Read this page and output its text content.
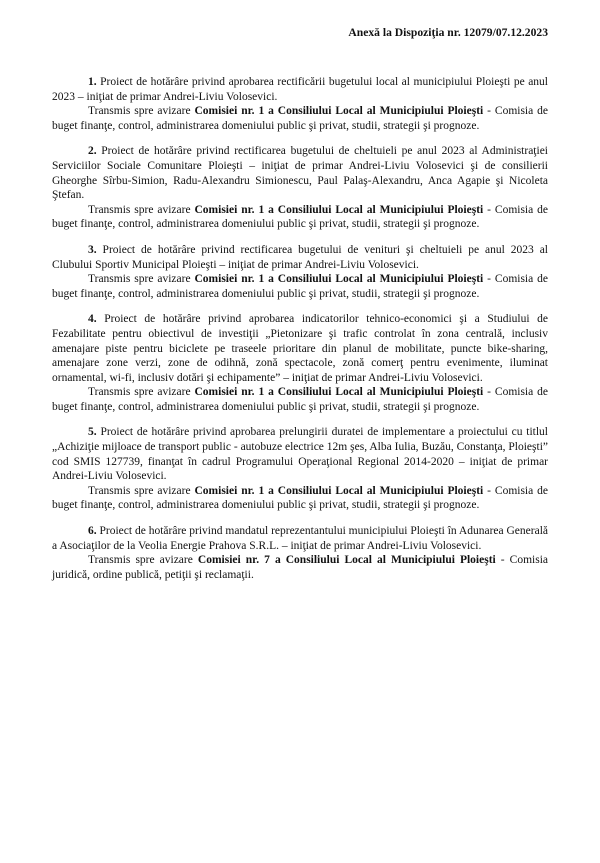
Anexă la Dispoziţia nr. 12079/07.12.2023

1. Proiect de hotărâre privind aprobarea rectificării bugetului local al municipiului Ploieşti pe anul 2023 – iniţiat de primar Andrei-Liviu Volosevici.

Transmis spre avizare Comisiei nr. 1 a Consiliului Local al Municipiului Ploieşti - Comisia de buget finanţe, control, administrarea domeniului public şi privat, studii, strategii şi prognoze.

2. Proiect de hotărâre privind rectificarea bugetului de cheltuieli pe anul 2023 al Administraţiei Serviciilor Sociale Comunitare Ploieşti – iniţiat de primar Andrei-Liviu Volosevici şi de consilierii Gheorghe Sîrbu-Simion, Radu-Alexandru Simionescu, Paul Palaş-Alexandru, Anca Agapie şi Nicoleta Ştefan.

Transmis spre avizare Comisiei nr. 1 a Consiliului Local al Municipiului Ploieşti - Comisia de buget finanţe, control, administrarea domeniului public şi privat, studii, strategii şi prognoze.

3. Proiect de hotărâre privind rectificarea bugetului de venituri şi cheltuieli pe anul 2023 al Clubului Sportiv Municipal Ploieşti – iniţiat de primar Andrei-Liviu Volosevici.

Transmis spre avizare Comisiei nr. 1 a Consiliului Local al Municipiului Ploieşti - Comisia de buget finanţe, control, administrarea domeniului public şi privat, studii, strategii şi prognoze.

4. Proiect de hotărâre privind aprobarea indicatorilor tehnico-economici şi a Studiului de Fezabilitate pentru obiectivul de investiţii „Pietonizare şi trafic controlat în zona centrală, inclusiv amenajare piste pentru biciclete pe traseele prioritare din planul de mobilitate, puncte bike-sharing, amenajare zone verzi, zone de odihnă, zonă spectacole, zonă comerţ pentru evenimente, iluminat ornamental, wi-fi, inclusiv dotări şi echipamente” – iniţiat de primar Andrei-Liviu Volosevici.

Transmis spre avizare Comisiei nr. 1 a Consiliului Local al Municipiului Ploieşti - Comisia de buget finanţe, control, administrarea domeniului public şi privat, studii, strategii şi prognoze.

5. Proiect de hotărâre privind aprobarea prelungirii duratei de implementare a proiectului cu titlul „Achiziţie mijloace de transport public - autobuze electrice 12m şes, Alba Iulia, Buzău, Constanţa, Ploieşti” cod SMIS 127739, finanţat în cadrul Programului Operaţional Regional 2014-2020 – iniţiat de primar Andrei-Liviu Volosevici.

Transmis spre avizare Comisiei nr. 1 a Consiliului Local al Municipiului Ploieşti - Comisia de buget finanţe, control, administrarea domeniului public şi privat, studii, strategii şi prognoze.

6. Proiect de hotărâre privind mandatul reprezentantului municipiului Ploieşti în Adunarea Generală a Asociaţilor de la Veolia Energie Prahova S.R.L. – iniţiat de primar Andrei-Liviu Volosevici.

Transmis spre avizare Comisiei nr. 7 a Consiliului Local al Municipiului Ploieşti - Comisia juridică, ordine publică, petiţii şi reclamaţii.
